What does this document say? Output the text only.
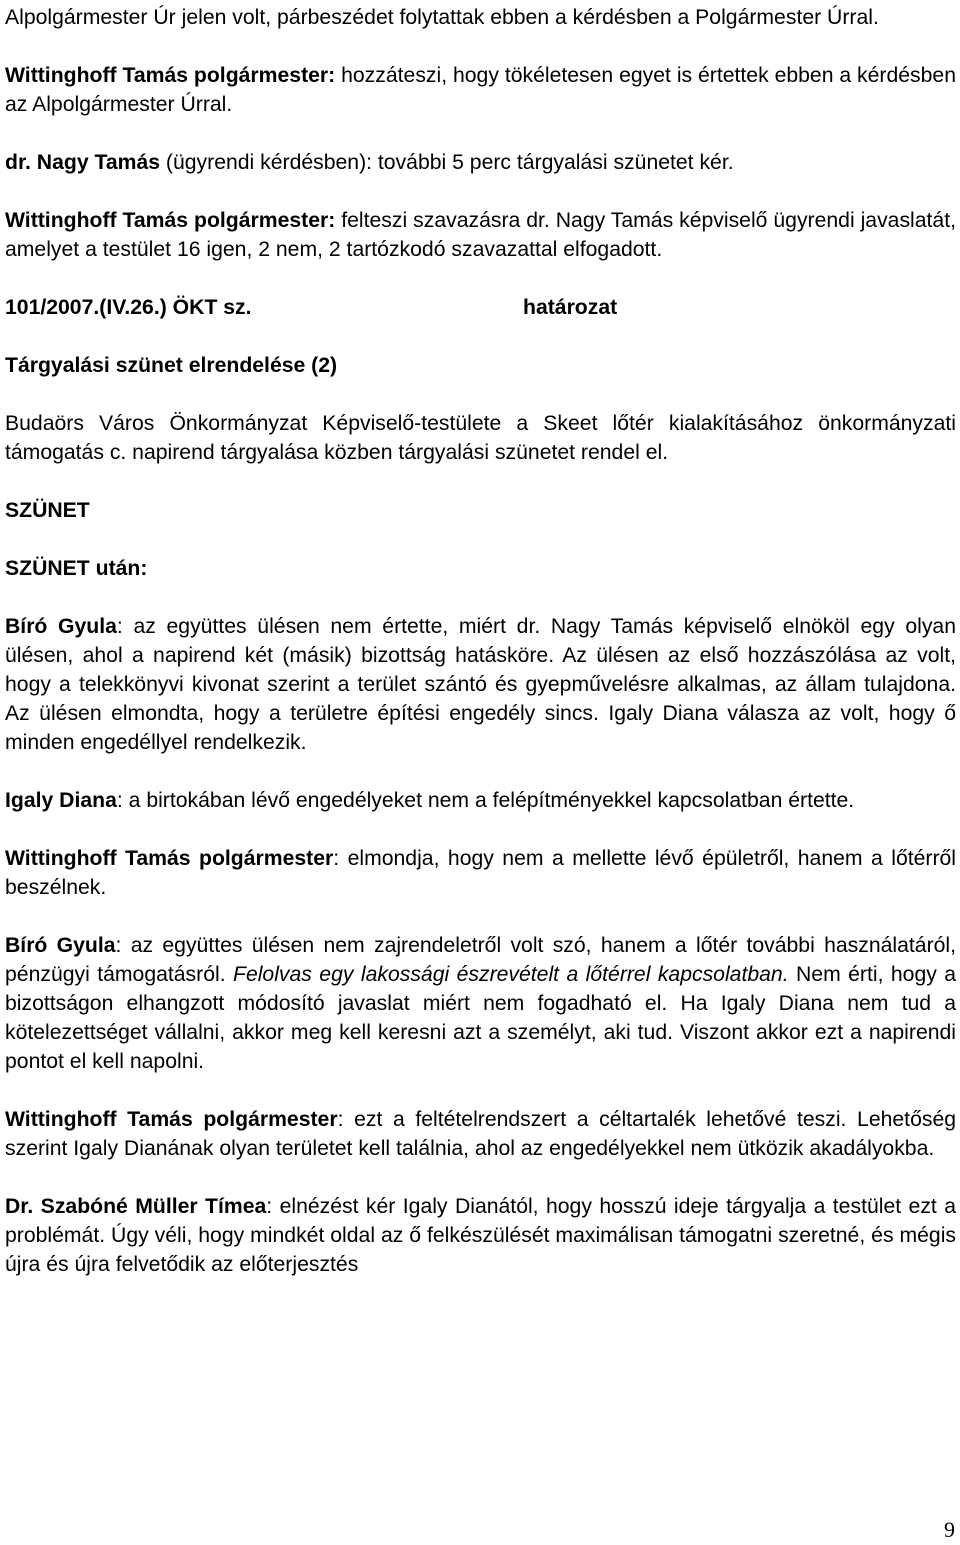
Alpolgármester Úr jelen volt, párbeszédet folytattak ebben a kérdésben a Polgármester Úrral.

Wittinghoff Tamás polgármester: hozzáteszi, hogy tökéletesen egyet is értettek ebben a kérdésben az Alpolgármester Úrral.

dr. Nagy Tamás (ügyrendi kérdésben): további 5 perc tárgyalási szünetet kér.

Wittinghoff Tamás polgármester: felteszi szavazásra dr. Nagy Tamás képviselő ügyrendi javaslatát, amelyet a testület 16 igen, 2 nem, 2 tartózkodó szavazattal elfogadott.

101/2007.(IV.26.) ÖKT sz.	határozat
Tárgyalási szünet elrendelése (2)

Budaörs Város Önkormányzat Képviselő-testülete a Skeet lőtér kialakításához önkormányzati támogatás c. napirend tárgyalása közben tárgyalási szünetet rendel el.

SZÜNET
SZÜNET után:

Bíró Gyula: az együttes ülésen nem értette, miért dr. Nagy Tamás képviselő elnököl egy olyan ülésen, ahol a napirend két (másik) bizottság hatásköre. Az ülésen az első hozzászólása az volt, hogy a telekkönyvi kivonat szerint a terület szántó és gyepművelésre alkalmas, az állam tulajdona. Az ülésen elmondta, hogy a területre építési engedély sincs. Igaly Diana válasza az volt, hogy ő minden engedéllyel rendelkezik.

Igaly Diana: a birtokában lévő engedélyeket nem a felépítményekkel kapcsolatban értette.

Wittinghoff Tamás polgármester: elmondja, hogy nem a mellette lévő épületről, hanem a lőtérről beszélnek.

Bíró Gyula: az együttes ülésen nem zajrendeletről volt szó, hanem a lőtér további használatáról, pénzügyi támogatásról. Felolvas egy lakossági észrevételt a lőtérrel kapcsolatban. Nem érti, hogy a bizottságon elhangzott módosító javaslat miért nem fogadható el. Ha Igaly Diana nem tud a kötelezettséget vállalni, akkor meg kell keresni azt a személyt, aki tud. Viszont akkor ezt a napirendi pontot el kell napolni.

Wittinghoff Tamás polgármester: ezt a feltételrendszert a céltartalék lehetővé teszi. Lehetőség szerint Igaly Dianának olyan területet kell találnia, ahol az engedélyekkel nem ütközik akadályokba.

Dr. Szabóné Müller Tímea: elnézést kér Igaly Dianától, hogy hosszú ideje tárgyalja a testület ezt a problémát. Úgy véli, hogy mindkét oldal az ő felkészülését maximálisan támogatni szeretné, és mégis újra és újra felvetődik az előterjesztés

9
